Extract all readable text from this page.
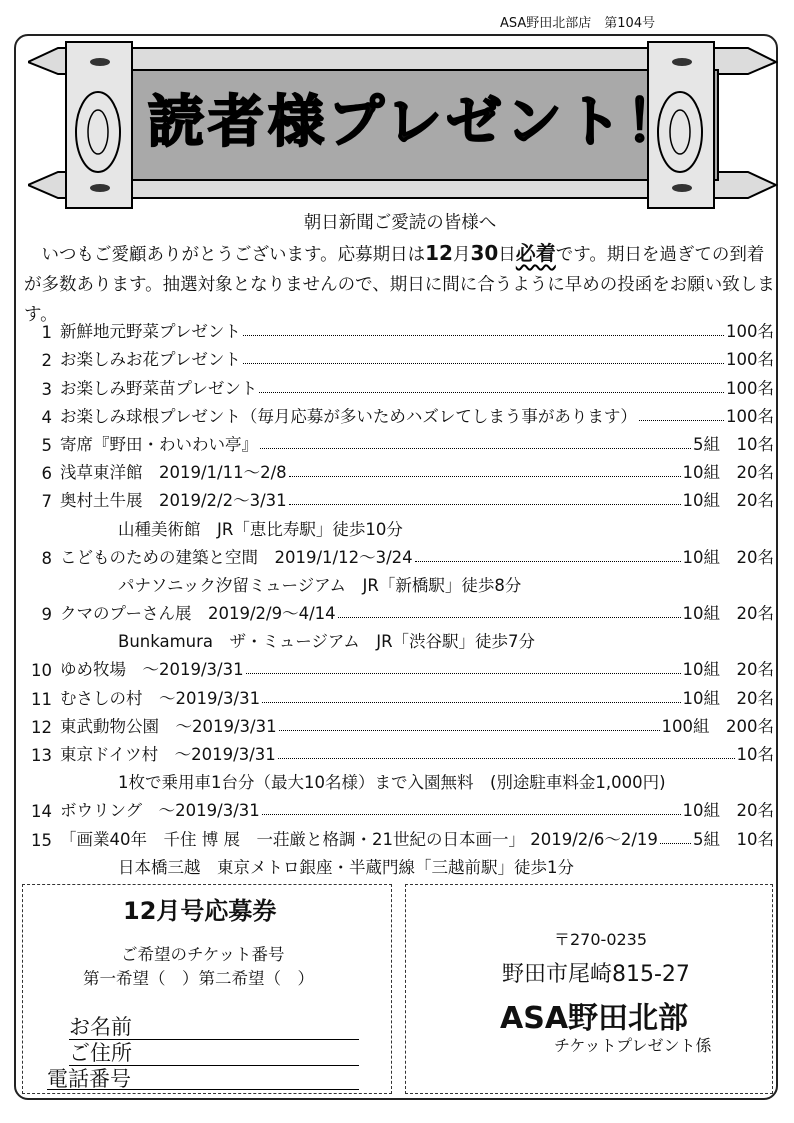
ASA野田北部店　第104号
読者様プレゼント！
朝日新聞ご愛読の皆様へ

いつもご愛顧ありがとうございます。応募期日は12月30日必着です。期日を過ぎての到着が多数あります。抽選対象となりませんので、期日に間に合うように早めの投函をお願い致します。

1 新鮮地元野菜プレゼント	100名
2 お楽しみお花プレゼント	100名
3 お楽しみ野菜苗プレゼント	100名
4 お楽しみ球根プレゼント（毎月応募が多いためハズレてしまう事があります）	100名
5 寄席『野田・わいわい亭』	5組　10名
6 浅草東洋館　2019/1/11～2/8	10組　20名
7 奥村土牛展　2019/2/2～3/31	10組　20名
山種美術館　JR「恵比寿駅」徒歩10分
8 こどものための建築と空間　2019/1/12～3/24	10組　20名
パナソニック汐留ミュージアム　JR「新橋駅」徒歩8分
9 クマのプーさん展　2019/2/9～4/14	10組　20名
Bunkamura　ザ・ミュージアム　JR「渋谷駅」徒歩7分
10 ゆめ牧場　～2019/3/31	10組　20名
11 むさしの村　～2019/3/31	10組　20名
12 東武動物公園　～2019/3/31	100組　200名
13 東京ドイツ村　～2019/3/31	10名
1枚で乗用車1台分（最大10名様）まで入園無料　(別途駐車料金1,000円)
14 ボウリング　～2019/3/31	10組　20名
15 「画業40年　千住 博 展　一荘厳と格調・21世紀の日本画一」 2019/2/6～2/19 5組　10名
日本橋三越　東京メトロ銀座・半蔵門線「三越前駅」徒歩1分
12月号応募券
ご希望のチケット番号
第一希望（　）第二希望（　）
お名前
ご住所
電話番号
〒270-0235
野田市尾崎815-27
ASA野田北部
チケットプレゼント係
